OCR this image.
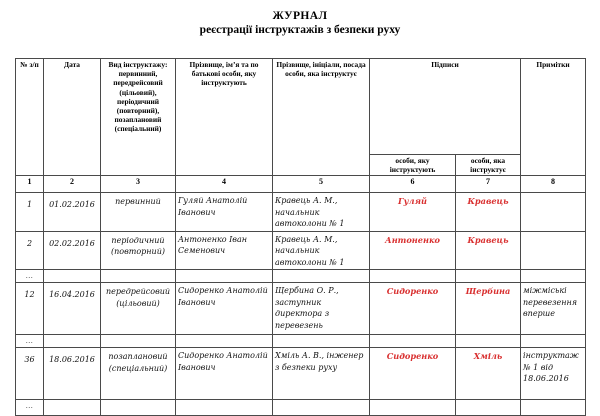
ЖУРНАЛ
реєстрації інструктажів з безпеки руху
№ з/п	Дата	Вид інструктажу: первинний, передрейсовий (цільовий), періодичний (повторний), позаплановий (спеціальний)	Прізвище, ім’я та по батькові особи, яку інструктують	Прізвище, ініціали, посада особи, яка інструктує	Підписи		Примітки
					особи, яку інструктують	особи, яка інструктує	
1	2	3	4	5	6	7	8
1	01.02.2016	первинний	Гуляй Анатолій Іванович	Кравець А. М., начальник автоколони № 1	Гуляй	Кравець	

2	02.02.2016	періодичний (повторний)	Антоненко Іван Семенович	Кравець А. М., начальник автоколони № 1	Антоненко	Кравець	

...							

12	16.04.2016	передрейсовий (цільовий)	Сидоренко Анатолій Іванович	Щербина О. Р., заступник директора з перевезень	Сидоренко	Щербина	міжміські перевезення вперше

...							

36	18.06.2016	позаплановий (спеціальний)	Сидоренко Анатолій Іванович	Хміль А. В., інженер з безпеки руху	Сидоренко	Хміль	інструктаж № 1 від 18.06.2016

...							
